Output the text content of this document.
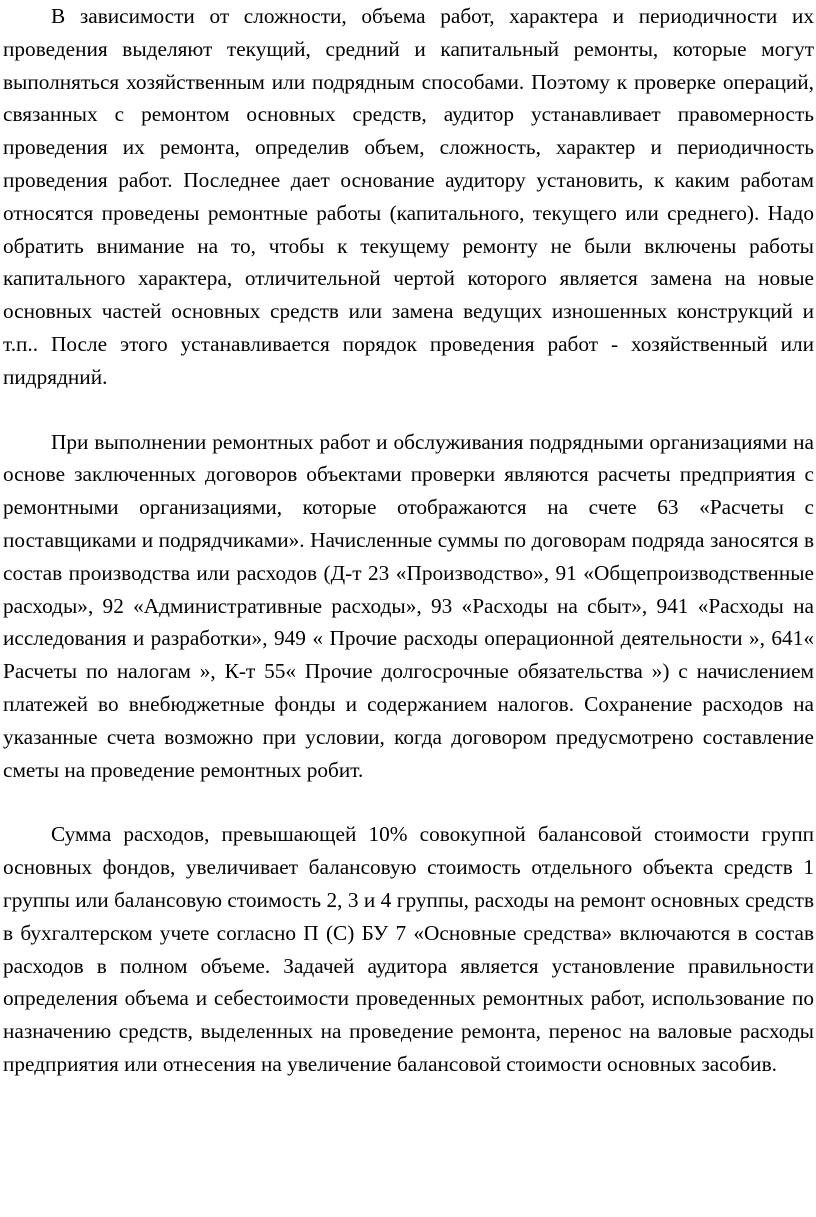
В зависимости от сложности, объема работ, характера и периодичности их проведения выделяют текущий, средний и капитальный ремонты, которые могут выполняться хозяйственным или подрядным способами. Поэтому к проверке операций, связанных с ремонтом основных средств, аудитор устанавливает правомерность проведения их ремонта, определив объем, сложность, характер и периодичность проведения работ. Последнее дает основание аудитору установить, к каким работам относятся проведены ремонтные работы (капитального, текущего или среднего). Надо обратить внимание на то, чтобы к текущему ремонту не были включены работы капитального характера, отличительной чертой которого является замена на новые основных частей основных средств или замена ведущих изношенных конструкций и т.п.. После этого устанавливается порядок проведения работ - хозяйственный или пидрядний.

При выполнении ремонтных работ и обслуживания подрядными организациями на основе заключенных договоров объектами проверки являются расчеты предприятия с ремонтными организациями, которые отображаются на счете 63 «Расчеты с поставщиками и подрядчиками». Начисленные суммы по договорам подряда заносятся в состав производства или расходов (Д-т 23 «Производство», 91 «Общепроизводственные расходы», 92 «Административные расходы», 93 «Расходы на сбыт», 941 «Расходы на исследования и разработки», 949 « Прочие расходы операционной деятельности », 641« Расчеты по налогам », К-т 55« Прочие долгосрочные обязательства ») с начислением платежей во внебюджетные фонды и содержанием налогов. Сохранение расходов на указанные счета возможно при условии, когда договором предусмотрено составление сметы на проведение ремонтных робит.

Сумма расходов, превышающей 10% совокупной балансовой стоимости групп основных фондов, увеличивает балансовую стоимость отдельного объекта средств 1 группы или балансовую стоимость 2, 3 и 4 группы, расходы на ремонт основных средств в бухгалтерском учете согласно П (С) БУ 7 «Основные средства» включаются в состав расходов в полном объеме. Задачей аудитора является установление правильности определения объема и себестоимости проведенных ремонтных работ, использование по назначению средств, выделенных на проведение ремонта, перенос на валовые расходы предприятия или отнесения на увеличение балансовой стоимости основных засобив.
